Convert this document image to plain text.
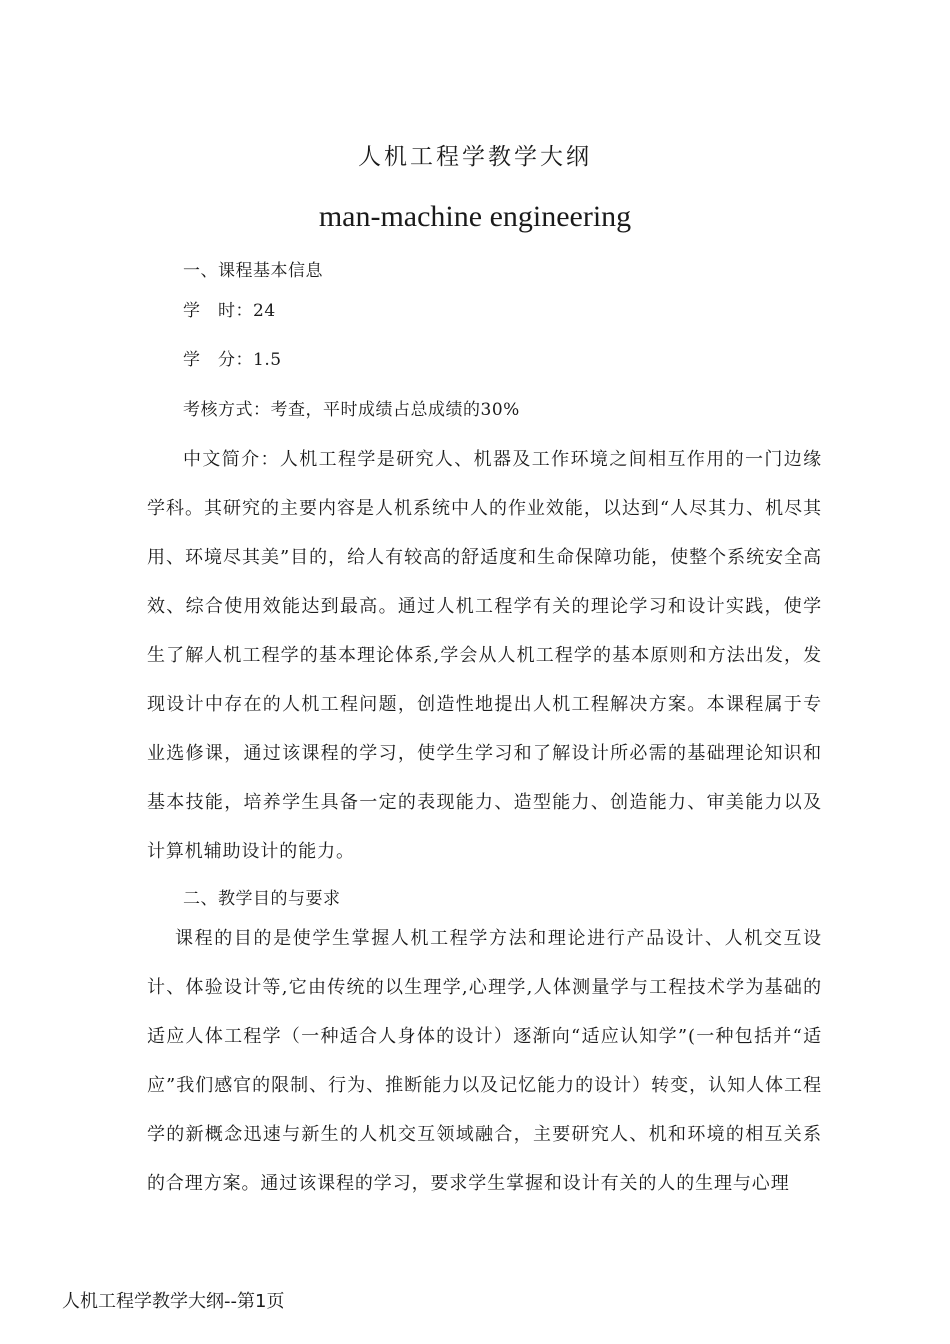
人机工程学教学大纲
man-machine engineering
一、课程基本信息
学　时：24
学　分：1.5
考核方式：考查，平时成绩占总成绩的30%

中文简介：人机工程学是研究人、机器及工作环境之间相互作用的一门边缘学科。其研究的主要内容是人机系统中人的作业效能，以达到“人尽其力、机尽其用、环境尽其美”目的，给人有较高的舒适度和生命保障功能，使整个系统安全高效、综合使用效能达到最高。通过人机工程学有关的理论学习和设计实践，使学生了解人机工程学的基本理论体系,学会从人机工程学的基本原则和方法出发，发现设计中存在的人机工程问题，创造性地提出人机工程解决方案。本课程属于专业选修课，通过该课程的学习，使学生学习和了解设计所必需的基础理论知识和基本技能，培养学生具备一定的表现能力、造型能力、创造能力、审美能力以及计算机辅助设计的能力。

二、教学目的与要求

课程的目的是使学生掌握人机工程学方法和理论进行产品设计、人机交互设计、体验设计等,它由传统的以生理学,心理学,人体测量学与工程技术学为基础的适应人体工程学（一种适合人身体的设计）逐渐向“适应认知学”(一种包括并“适应”我们感官的限制、行为、推断能力以及记忆能力的设计）转变，认知人体工程学的新概念迅速与新生的人机交互领域融合，主要研究人、机和环境的相互关系的合理方案。通过该课程的学习，要求学生掌握和设计有关的人的生理与心理

人机工程学教学大纲--第1页
